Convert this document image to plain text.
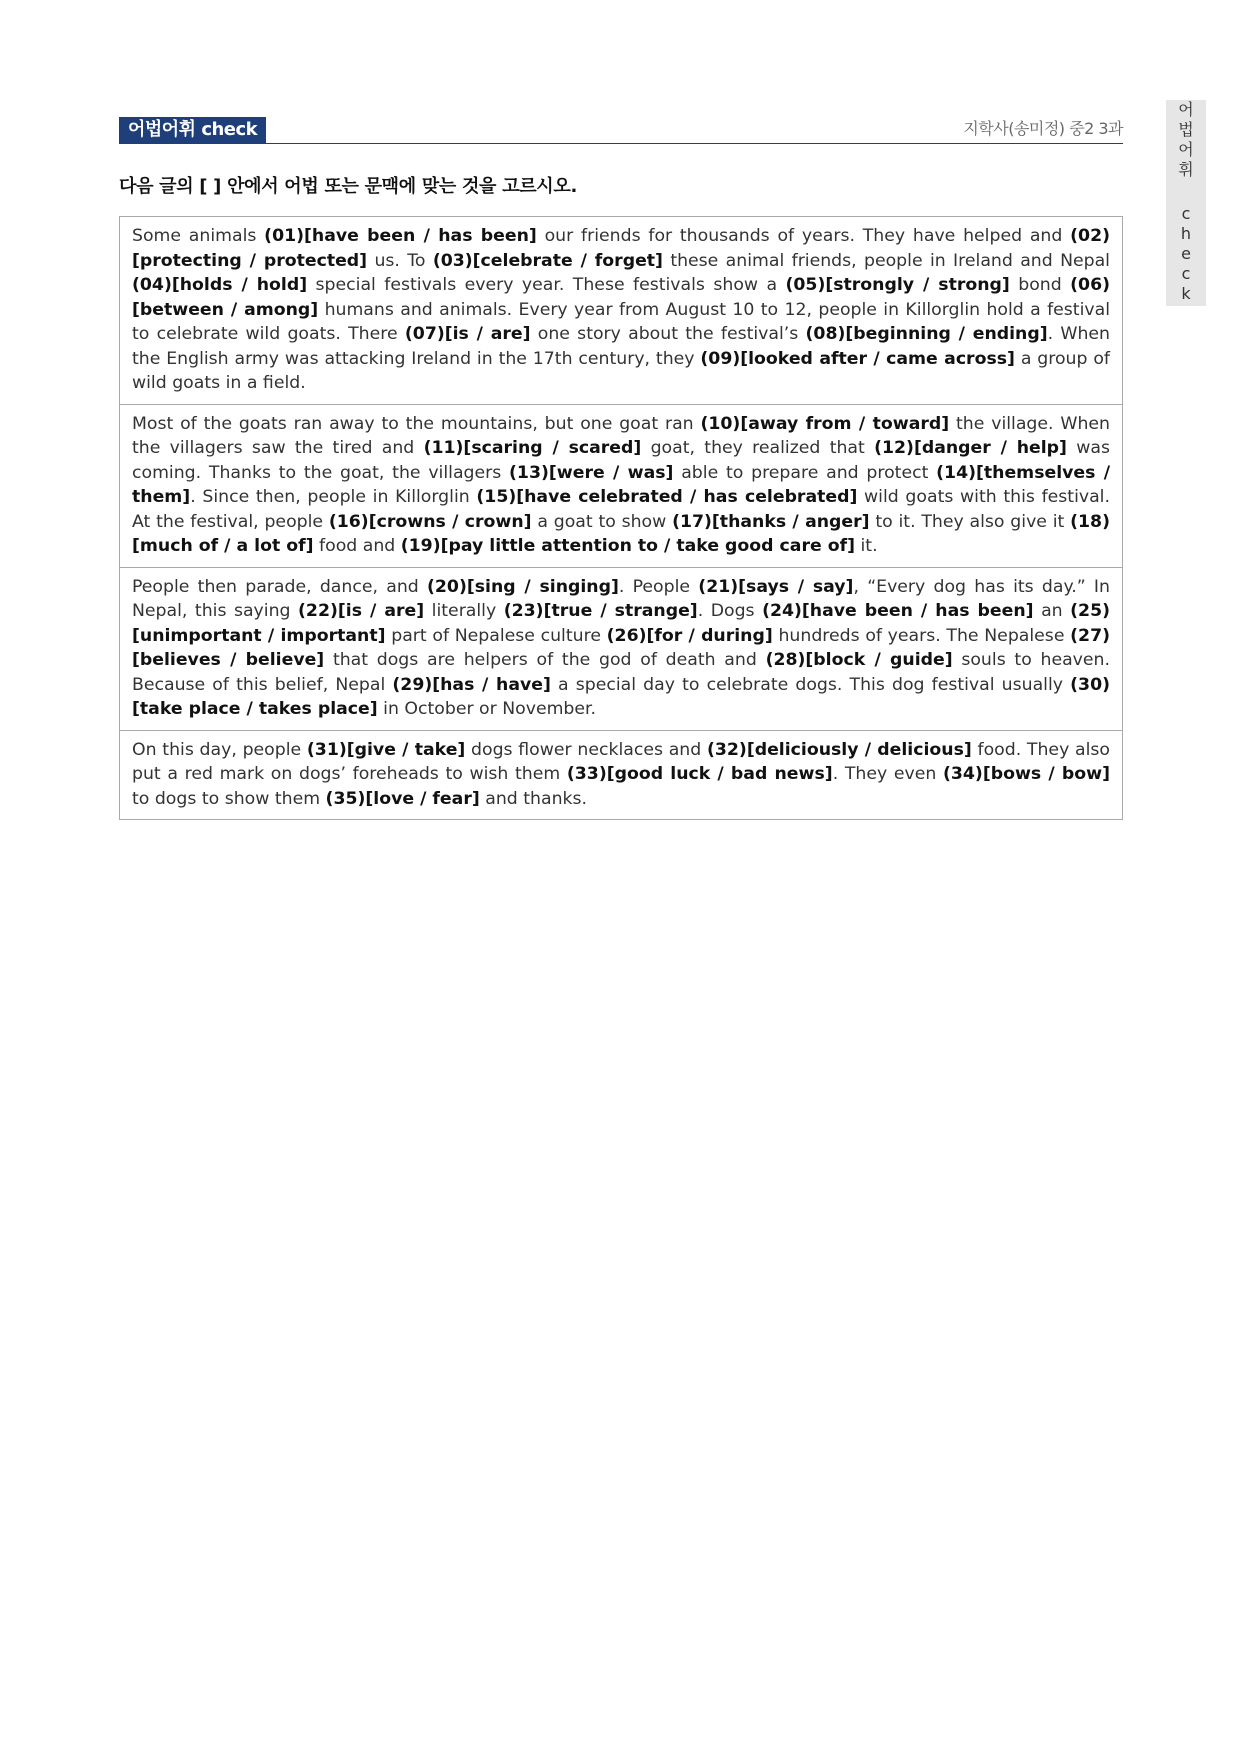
어법어휘 check	지학사(송미정) 중2 3과
어
법
어
휘
c
h
e
c
k
다음 글의 [ ] 안에서 어법 또는 문맥에 맞는 것을 고르시오.
Some animals (01)[have been / has been] our friends for thousands of years. They have helped and (02)[protecting / protected] us. To (03)[celebrate / forget] these animal friends, people in Ireland and Nepal (04)[holds / hold] special festivals every year. These festivals show a (05)[strongly / strong] bond (06)[between / among] humans and animals. Every year from August 10 to 12, people in Killorglin hold a festival to celebrate wild goats. There (07)[is / are] one story about the festival’s (08)[beginning / ending]. When the English army was attacking Ireland in the 17th century, they (09)[looked after / came across] a group of wild goats in a field.
Most of the goats ran away to the mountains, but one goat ran (10)[away from / toward] the village. When the villagers saw the tired and (11)[scaring / scared] goat, they realized that (12)[danger / help] was coming. Thanks to the goat, the villagers (13)[were / was] able to prepare and protect (14)[themselves / them]. Since then, people in Killorglin (15)[have celebrated / has celebrated] wild goats with this festival. At the festival, people (16)[crowns / crown] a goat to show (17)[thanks / anger] to it. They also give it (18)[much of / a lot of] food and (19)[pay little attention to / take good care of] it.
People then parade, dance, and (20)[sing / singing]. People (21)[says / say], “Every dog has its day.” In Nepal, this saying (22)[is / are] literally (23)[true / strange]. Dogs (24)[have been / has been] an (25)[unimportant / important] part of Nepalese culture (26)[for / during] hundreds of years. The Nepalese (27)[believes / believe] that dogs are helpers of the god of death and (28)[block / guide] souls to heaven. Because of this belief, Nepal (29)[has / have] a special day to celebrate dogs. This dog festival usually (30)[take place / takes place] in October or November.
On this day, people (31)[give / take] dogs flower necklaces and (32)[deliciously / delicious] food. They also put a red mark on dogs’ foreheads to wish them (33)[good luck / bad news]. They even (34)[bows / bow] to dogs to show them (35)[love / fear] and thanks.
